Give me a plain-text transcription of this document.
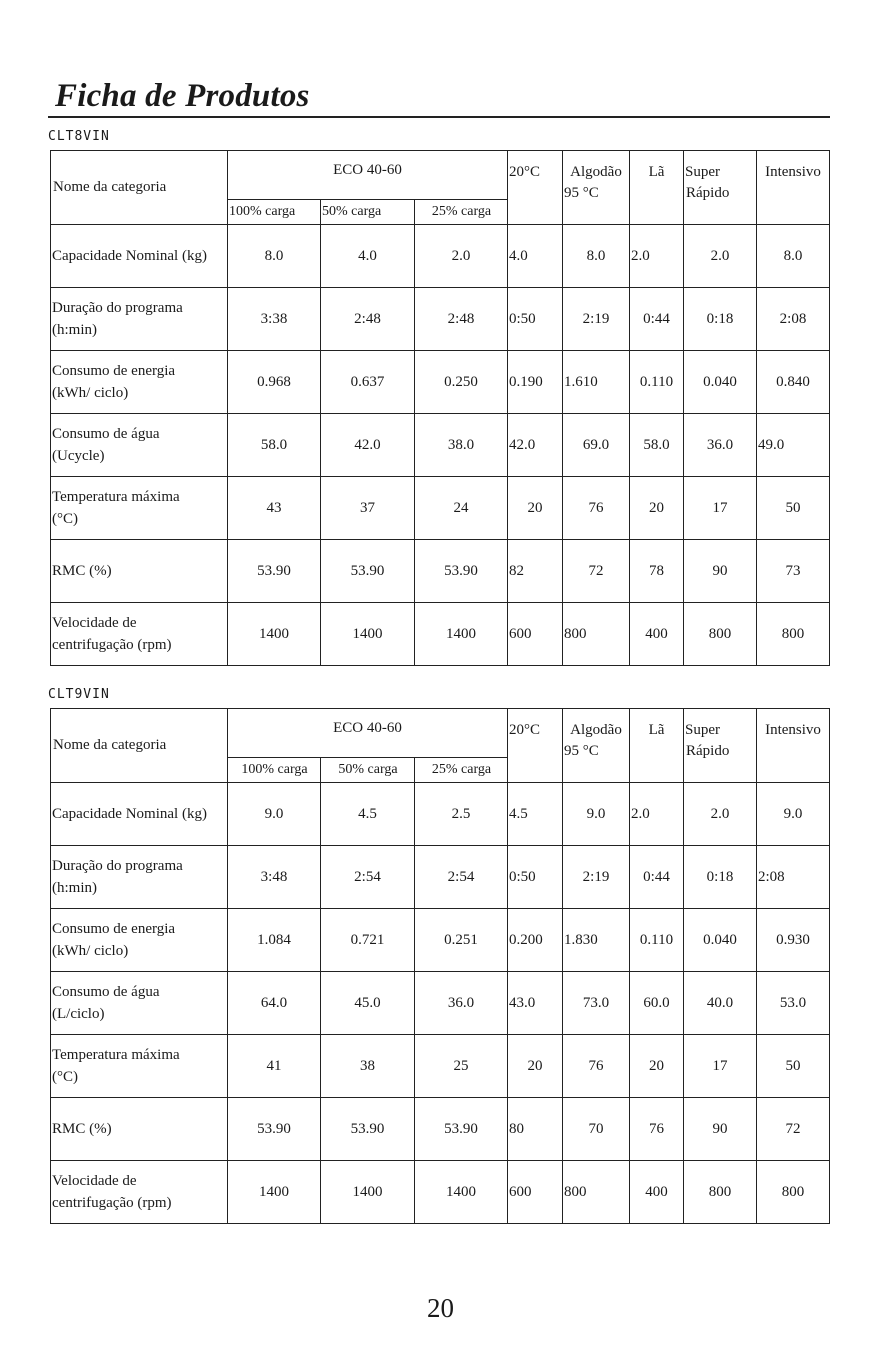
Ficha de Produtos
CLT8VIN
Nome da categoria	ECO 40-60			20°C	Algodão
95 °C	Lã	Super
Rápido	Intensivo
	100% carga	50% carga	25% carga					
Capacidade Nominal (kg)	8.0	4.0	2.0	4.0	8.0	2.0	2.0	8.0
Duração do programa
(h:min)	3:38	2:48	2:48	0:50	2:19	0:44	0:18	2:08
Consumo de energia
(kWh/ ciclo)	0.968	0.637	0.250	0.190	1.610	0.110	0.040	0.840
Consumo de água
(Ucycle)	58.0	42.0	38.0	42.0	69.0	58.0	36.0	49.0
Temperatura máxima
(°C)	43	37	24	20	76	20	17	50
RMC (%)	53.90	53.90	53.90	82	72	78	90	73
Velocidade de
centrifugação (rpm)	1400	1400	1400	600	800	400	800	800
CLT9VIN
Nome da categoria	ECO 40-60			20°C	Algodão
95 °C	Lã	Super
Rápido	Intensivo
	100% carga	50% carga	25% carga					
Capacidade Nominal (kg)	9.0	4.5	2.5	4.5	9.0	2.0	2.0	9.0
Duração do programa
(h:min)	3:48	2:54	2:54	0:50	2:19	0:44	0:18	2:08
Consumo de energia
(kWh/ ciclo)	1.084	0.721	0.251	0.200	1.830	0.110	0.040	0.930
Consumo de água
(L/ciclo)	64.0	45.0	36.0	43.0	73.0	60.0	40.0	53.0
Temperatura máxima
(°C)	41	38	25	20	76	20	17	50
RMC (%)	53.90	53.90	53.90	80	70	76	90	72
Velocidade de
centrifugação (rpm)	1400	1400	1400	600	800	400	800	800
20
